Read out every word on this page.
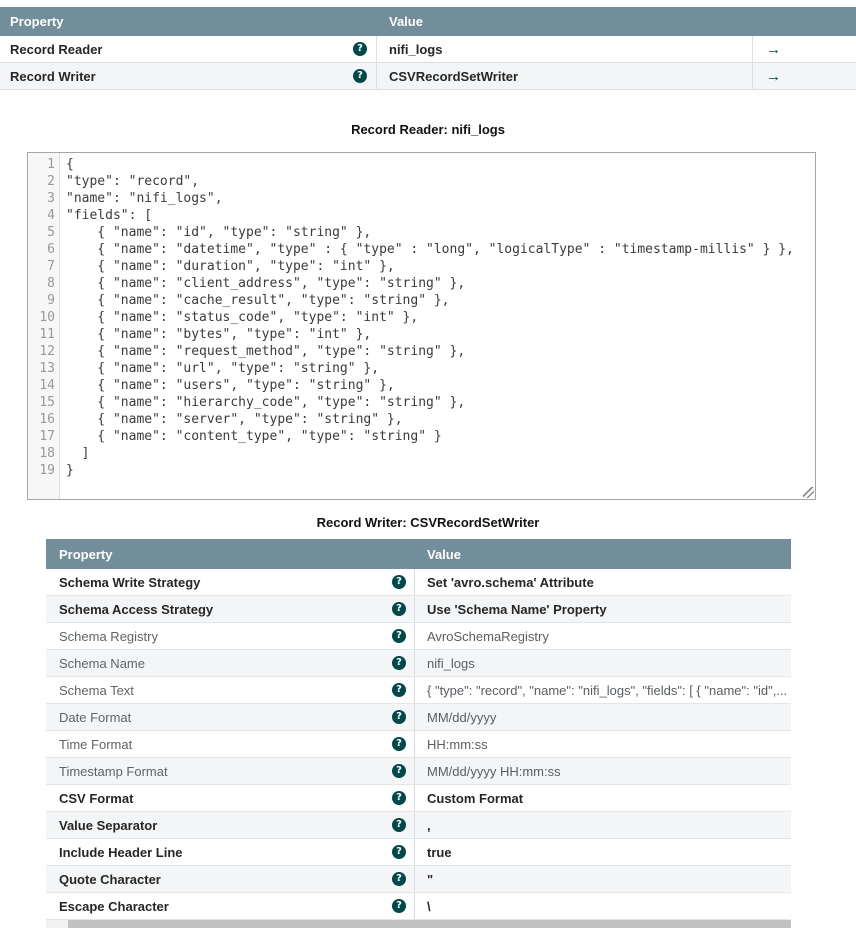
Property	Value
Record Reader	?	nifi_logs	→
Record Writer	?	CSVRecordSetWriter	→
Record Reader: nifi_logs
1
2
3
4
5
6
7
8
9
10
11
12
13
14
15
16
17
18
19
{
"type": "record",
"name": "nifi_logs",
"fields": [
{ "name": "id", "type": "string" },
{ "name": "datetime", "type" : { "type" : "long", "logicalType" : "timestamp-millis" } },
{ "name": "duration", "type": "int" },
{ "name": "client_address", "type": "string" },
{ "name": "cache_result", "type": "string" },
{ "name": "status_code", "type": "int" },
{ "name": "bytes", "type": "int" },
{ "name": "request_method", "type": "string" },
{ "name": "url", "type": "string" },
{ "name": "users", "type": "string" },
{ "name": "hierarchy_code", "type": "string" },
{ "name": "server", "type": "string" },
{ "name": "content_type", "type": "string" }
]
}
Record Writer: CSVRecordSetWriter
Property	Value
Schema Write Strategy	?	Set 'avro.schema' Attribute
Schema Access Strategy	?	Use 'Schema Name' Property
Schema Registry	?	AvroSchemaRegistry
Schema Name	?	nifi_logs
Schema Text	?	{ "type": "record", "name": "nifi_logs", "fields": [ { "name": "id",...
Date Format	?	MM/dd/yyyy
Time Format	?	HH:mm:ss
Timestamp Format	?	MM/dd/yyyy HH:mm:ss
CSV Format	?	Custom Format
Value Separator	?	,
Include Header Line	?	true
Quote Character	?	"
Escape Character	?	\
